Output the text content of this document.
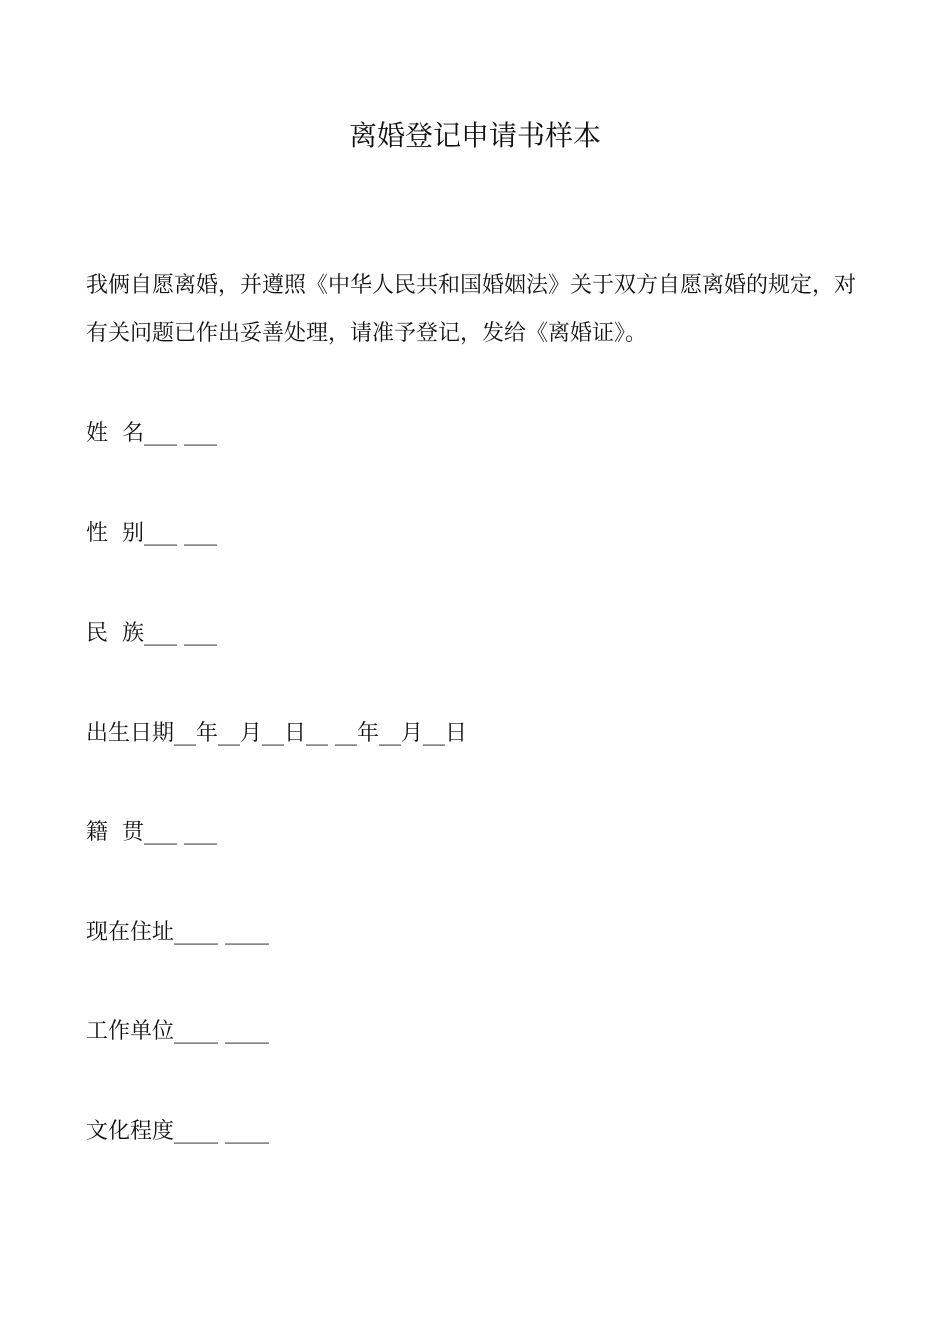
离婚登记申请书样本

我俩自愿离婚，并遵照《中华人民共和国婚姻法》关于双方自愿离婚的规定，对有关问题已作出妥善处理，请准予登记，发给《离婚证》。

姓  名___ ___
性  别___ ___
民  族___ ___
出生日期__年__月__日__ __年__月__日
籍  贯___ ___
现在住址____ ____
工作单位____ ____
文化程度____ ____
